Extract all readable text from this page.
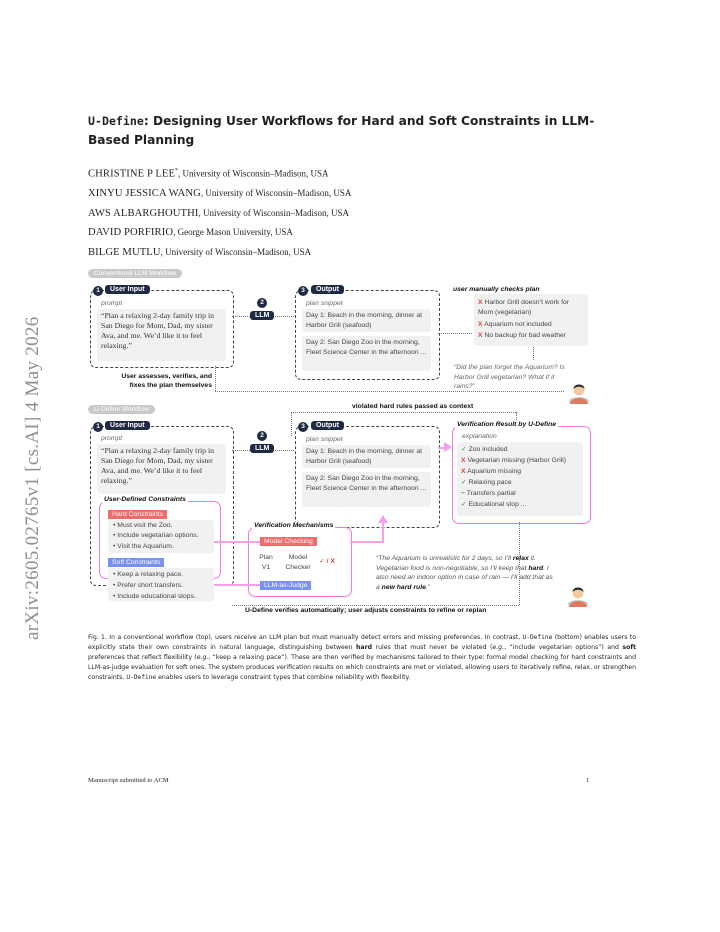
arXiv:2605.02765v1 [cs.AI] 4 May 2026
U-Define: Designing User Workflows for Hard and Soft Constraints in LLM-Based Planning
CHRISTINE P LEE*, University of Wisconsin–Madison, USA
XINYU JESSICA WANG, University of Wisconsin–Madison, USA
AWS ALBARGHOUTHI, University of Wisconsin–Madison, USA
DAVID PORFIRIO, George Mason University, USA
BILGE MUTLU, University of Wisconsin–Madison, USA
Conventional LLM Workflow
1	User Input
prompt
“Plan a relaxing 2-day family trip in San Diego for Mom, Dad, my sister Ava, and me. We’d like it to feel relaxing.”
2
LLM
3	Output
plan snippet
Day 1: Beach in the morning, dinner at Harbor Grill (seafood)
Day 2: San Diego Zoo in the morning, Fleet Science Center in the afternoon ...
user manually checks plan
X Harbor Grill doesn’t work for Mom (vegetarian)
X Aquarium not included
X No backup for bad weather
“Did the plan forget the Aquarium? Is Harbor Grill vegetarian? What if it rains?”
User assesses, verifies, and fixes the plan themselves
U-Define Workflow	violated hard rules passed as context
1	User Input
prompt
“Plan a relaxing 2-day family trip in San Diego for Mom, Dad, my sister Ava, and me. We’d like it to feel relaxing.”
User-Defined Constraints
Hard Constraints
• Must visit the Zoo.
• Include vegetarian options.
• Visit the Aquarium.
Soft Constraints
• Keep a relaxing pace.
• Prefer short transfers.
• Include educational stops.
2
LLM
3	Output
plan snippet
Day 1: Beach in the morning, dinner at Harbor Grill (seafood)
Day 2: San Diego Zoo in the morning, Fleet Science Center in the afternoon ...
Verification Result by U-Define
explanation
✓ Zoo included
X Vegetarian missing (Harbor Grill)
X Aquarium missing
✓ Relaxing pace
~ Transfers partial
✓ Educational stop ...
Verification Mechanisms
Model Checking
Plan V1
Model Checker
✓ / X
LLM-as-Judge
“The Aquarium is unrealistic for 2 days, so I’ll relax it. Vegetarian food is non-negotiable, so I’ll keep that hard. I also need an indoor option in case of rain — I’ll add that as a new hard rule.”
U-Define verifies automatically; user adjusts constraints to refine or replan
Fig. 1. In a conventional workflow (top), users receive an LLM plan but must manually detect errors and missing preferences. In contrast, U-Define (bottom) enables users to explicitly state their own constraints in natural language, distinguishing between hard rules that must never be violated (e.g., “include vegetarian options”) and soft preferences that reflect flexibility (e.g., “keep a relaxing pace”). These are then verified by mechanisms tailored to their type: formal model checking for hard constraints and LLM-as-judge evaluation for soft ones. The system produces verification results on which constraints are met or violated, allowing users to iteratively refine, relax, or strengthen constraints. U-Define enables users to leverage constraint types that combine reliability with flexibility.
Manuscript submitted to ACM	1
